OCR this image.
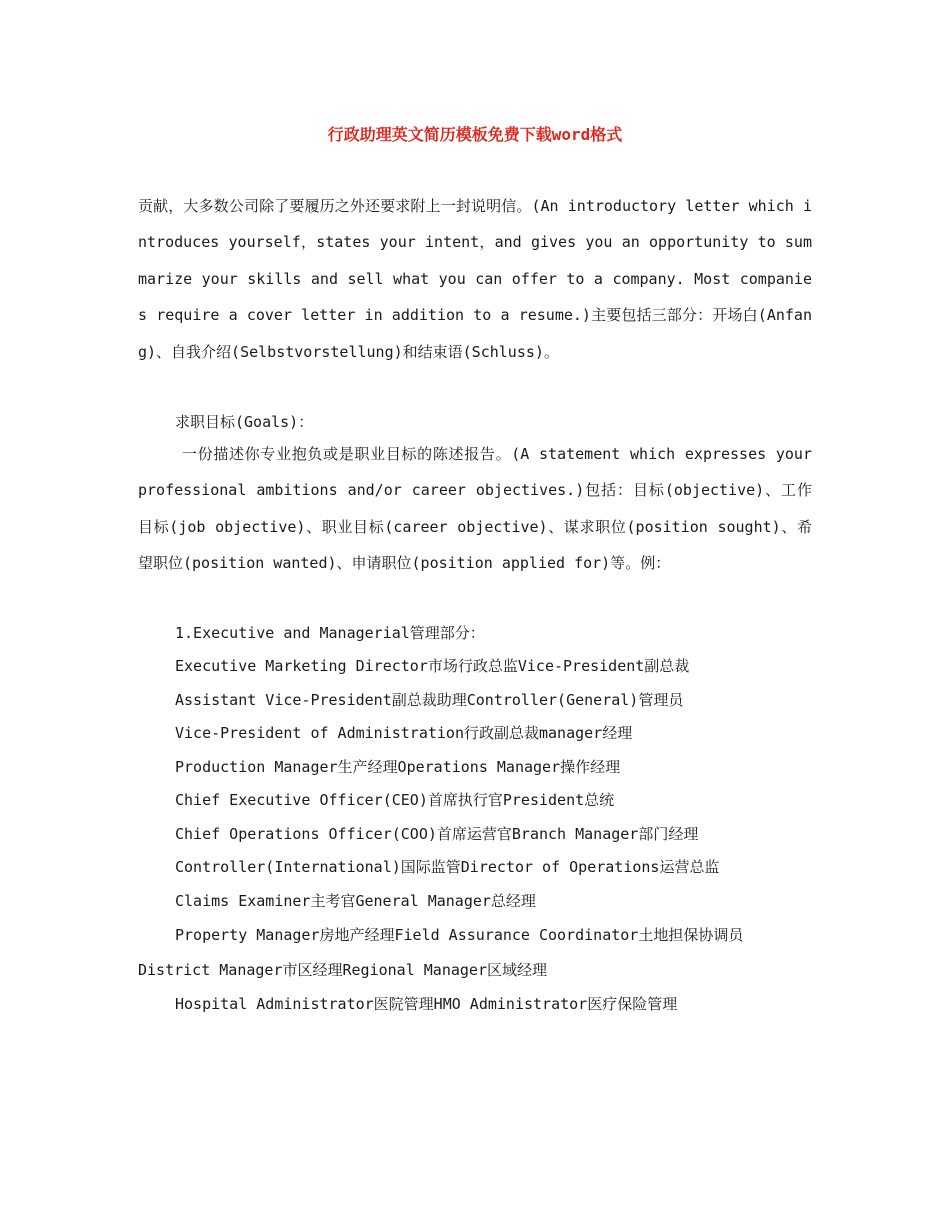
行政助理英文简历模板免费下载word格式
贡献，大多数公司除了要履历之外还要求附上一封说明信。(An introductory letter which introduces yourself，states your intent，and gives you an opportunity to summarize your skills and sell what you can offer to a company. Most companies require a cover letter in addition to a resume.)主要包括三部分：开场白(Anfang)、自我介绍(Selbstvorstellung)和结束语(Schluss)。
求职目标(Goals)：
一份描述你专业抱负或是职业目标的陈述报告。(A statement which expresses your professional ambitions and/or career objectives.)包括：目标(objective)、工作目标(job objective)、职业目标(career objective)、谋求职位(position sought)、希望职位(position wanted)、申请职位(position applied for)等。例：
1.Executive and Managerial管理部分：
Executive Marketing Director市场行政总监Vice-President副总裁
Assistant Vice-President副总裁助理Controller(General)管理员
Vice-President of Administration行政副总裁manager经理
Production Manager生产经理Operations Manager操作经理
Chief Executive Officer(CEO)首席执行官President总统
Chief Operations Officer(COO)首席运营官Branch Manager部门经理
Controller(International)国际监管Director of Operations运营总监
Claims Examiner主考官General Manager总经理
Property Manager房地产经理Field Assurance Coordinator土地担保协调员
District Manager市区经理Regional Manager区域经理
Hospital Administrator医院管理HMO Administrator医疗保险管理
